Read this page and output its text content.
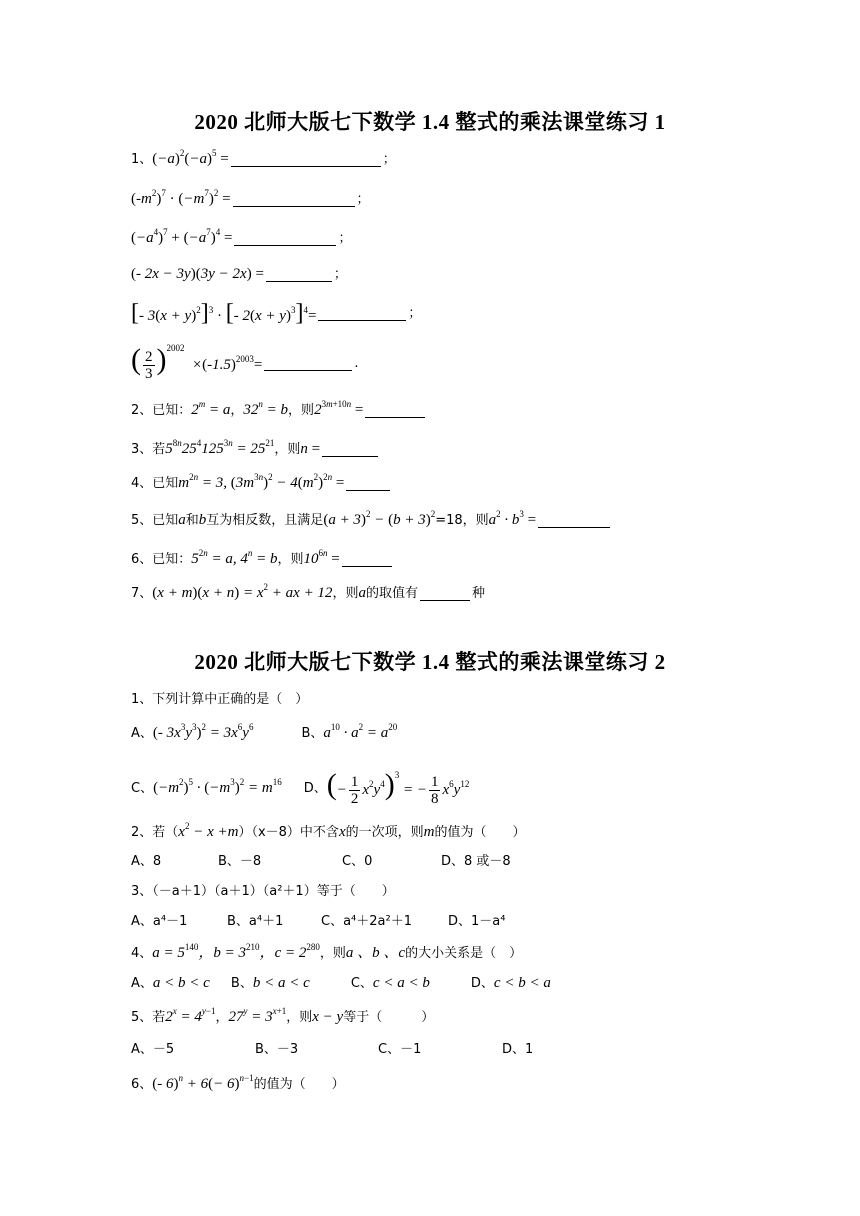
2020 北师大版七下数学 1.4 整式的乘法课堂练习 1
1、 $(-a)^2(-a)^5$ =	；
$(-m^2)^7 \cdot (-m^7)^2$ =	；
$(-a^4)^7 + (-a^7)^4$ =	；
(- 2x − 3y)(3y − 2x) =	；
[- $3(x + y)^2]^3$ · [- $2(x + y)^3]^4=$	；
( $\frac{2}{3} )^{2002} \times(-1.5)^{2003}=$	.
2、已知： $2^m = a$ ， $32^n = b$ ，则 $2^{3m+10n}$ =
3、若 $5^{8n}25^4125^{3n} = 25^{21}$ ，则 n =
4、已知 $m^{2n} = 3$, $(3m^{3n})^2 - 4(m^2)^{2n}$ =
5、已知 a 和 b 互为相反数，且满足 $(a + 3)^2 - (b + 3)^2 =18$，则 $a^2 \cdot b^3$ =
6、已知： $5^{2n} = a$, $4^n = b$ ，则 $10^{6n}$ =
7、 $(x + m)(x + n) = x^2$ + ax + 12 ，则 a 的取值有	种
2020 北师大版七下数学 1.4 整式的乘法课堂练习 2
1、下列计算中正确的是（　）
A、 (- $3x^3y^3)^2 = 3x^6y^6$	B、 $a^{10} \cdot a^2 = a^{20}$
C、 $(-m^2)^5 \cdot (-m^3)^2 = m^{16}$ D、 (− $\frac{1}{2} x^2y^4)^3$ = − $\frac{1}{8} x^6y^{12}$
2、若（ $x^2 - x +m$ ）（x－8）中不含 x 的一次项，则 m 的值为（　　）
A、8	B、－8	C、0	D、8 或－8
3、（－a＋1）（a＋1）（a²＋1）等于（　　）
A、a⁴－1	B、a⁴＋1	C、a⁴＋2a²＋1	D、1－a⁴
4、 $a = 5^{140}$，$b = 3^{210}$，$c = 2^{280}$ ，则 a 、b 、c 的大小关系是（　）
A、 a < b < c	B、 b < a < c	C、 c < a < b	D、 c < b < a
5、若 $2^x = 4^{y-1}$ ， $27^y = 3^{x+1}$ ，则 x − y 等于（　　　）
A、－5	B、－3	C、－1	D、1
6、 (- $6)^n + 6(- 6)^{n-1}$ 的值为（　　）
